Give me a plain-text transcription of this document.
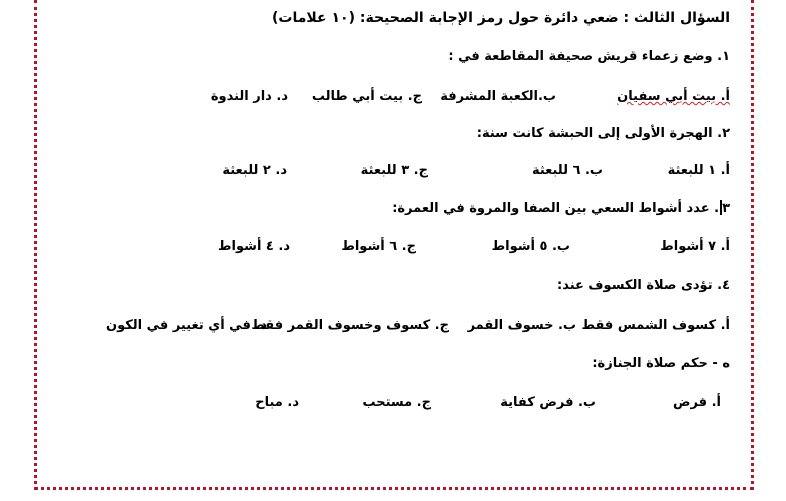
السؤال الثالث : ضعي دائرة حول رمز الإجابة الصحيحة: (١٠ علامات)
١. وضع زعماء قريش صحيفة المقاطعة في :
أ. بيت أبي سفيان
ب.الكعبة المشرفة
ج. بيت أبي طالب
د. دار الندوة
٢. الهجرة الأولى إلى الحبشة كانت سنة:
أ. ١ للبعثة
ب. ٦ للبعثة
ج. ٣ للبعثة
د. ٢ للبعثة
٣. عدد أشواط السعي بين الصفا والمروة في العمرة:
أ. ٧ أشواط
ب. ٥ أشواط
ج. ٦ أشواط
د. ٤ أشواط
٤. تؤدى صلاة الكسوف عند:
أ. كسوف الشمس فقط
ب. خسوف القمر
ج. كسوف وخسوف القمر فقط
د. في أي تغيير في الكون
ه - حكم صلاة الجنازة:
أ. فرض
ب. فرض كفاية
ج. مستحب
د. مباح
